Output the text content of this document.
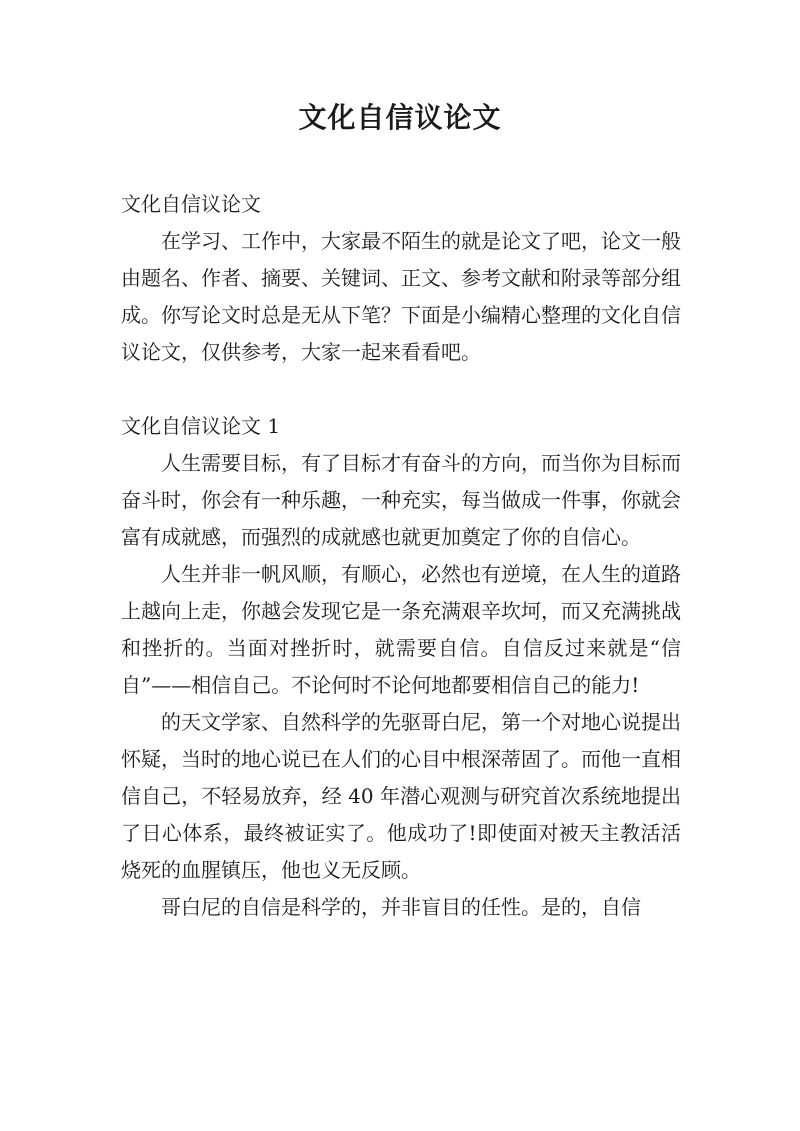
文化自信议论文

文化自信议论文

在学习、工作中，大家最不陌生的就是论文了吧，论文一般由题名、作者、摘要、关键词、正文、参考文献和附录等部分组成。你写论文时总是无从下笔？下面是小编精心整理的文化自信议论文，仅供参考，大家一起来看看吧。

文化自信议论文 1

人生需要目标，有了目标才有奋斗的方向，而当你为目标而奋斗时，你会有一种乐趣，一种充实，每当做成一件事，你就会富有成就感，而强烈的成就感也就更加奠定了你的自信心。

人生并非一帆风顺，有顺心，必然也有逆境，在人生的道路上越向上走，你越会发现它是一条充满艰辛坎坷，而又充满挑战和挫折的。当面对挫折时，就需要自信。自信反过来就是“信自”——相信自己。不论何时不论何地都要相信自己的能力!

的天文学家、自然科学的先驱哥白尼，第一个对地心说提出怀疑，当时的地心说已在人们的心目中根深蒂固了。而他一直相信自己，不轻易放弃，经 40 年潜心观测与研究首次系统地提出了日心体系，最终被证实了。他成功了!即使面对被天主教活活烧死的血腥镇压，他也义无反顾。

哥白尼的自信是科学的，并非盲目的任性。是的，自信
